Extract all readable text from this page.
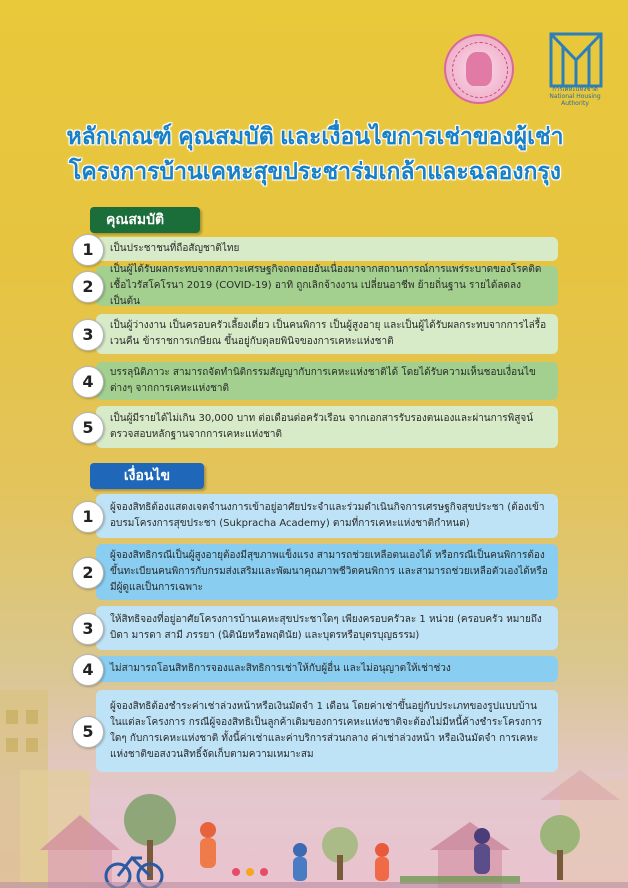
การเคหะแห่งชาติ
National Housing Authority
หลักเกณฑ์ คุณสมบัติ และเงื่อนไขการเช่าของผู้เช่า
โครงการบ้านเคหะสุขประชาร่มเกล้าและฉลองกรุง
คุณสมบัติ
1	เป็นประชาชนที่ถือสัญชาติไทย
2
เป็นผู้ได้รับผลกระทบจากสภาวะเศรษฐกิจถดถอยอันเนื่องมาจากสถานการณ์การแพร่ระบาดของโรคติดเชื้อไวรัสโคโรนา 2019 (COVID-19) อาทิ ถูกเลิกจ้างงาน เปลี่ยนอาชีพ ย้ายถิ่นฐาน รายได้ลดลง เป็นต้น
3	เป็นผู้ว่างงาน เป็นครอบครัวเลี้ยงเดี่ยว เป็นคนพิการ เป็นผู้สูงอายุ และเป็นผู้ได้รับผลกระทบจากการไล่รื้อเวนคืน ข้าราชการเกษียณ ขึ้นอยู่กับดุลยพินิจของการเคหะแห่งชาติ
4	บรรลุนิติภาวะ สามารถจัดทำนิติกรรมสัญญากับการเคหะแห่งชาติได้ โดยได้รับความเห็นชอบเงื่อนไขต่างๆ จากการเคหะแห่งชาติ
5	เป็นผู้มีรายได้ไม่เกิน 30,000 บาท ต่อเดือนต่อครัวเรือน จากเอกสารรับรองตนเองและผ่านการพิสูจน์ตรวจสอบหลักฐานจากการเคหะแห่งชาติ
เงื่อนไข
1	ผู้จองสิทธิต้องแสดงเจตจำนงการเข้าอยู่อาศัยประจำและร่วมดำเนินกิจการเศรษฐกิจสุขประชา (ต้องเข้าอบรมโครงการสุขประชา (Sukpracha Academy) ตามที่การเคหะแห่งชาติกำหนด)
2
ผู้จองสิทธิกรณีเป็นผู้สูงอายุต้องมีสุขภาพแข็งแรง สามารถช่วยเหลือตนเองได้ หรือกรณีเป็นคนพิการต้องขึ้นทะเบียนคนพิการกับกรมส่งเสริมและพัฒนาคุณภาพชีวิตคนพิการ และสามารถช่วยเหลือตัวเองได้หรือมีผู้ดูแลเป็นการเฉพาะ
3	ให้สิทธิจองที่อยู่อาศัยโครงการบ้านเคหะสุขประชาใดๆ เพียงครอบครัวละ 1 หน่วย (ครอบครัว หมายถึง บิดา มารดา สามี ภรรยา (นิตินัยหรือพฤตินัย) และบุตรหรือบุตรบุญธรรม)
4	ไม่สามารถโอนสิทธิการจองและสิทธิการเช่าให้กับผู้อื่น และไม่อนุญาตให้เช่าช่วง
5
ผู้จองสิทธิต้องชำระค่าเช่าล่วงหน้าหรือเงินมัดจำ 1 เดือน โดยค่าเช่าขึ้นอยู่กับประเภทของรูปแบบบ้านในแต่ละโครงการ กรณีผู้จองสิทธิเป็นลูกค้าเดิมของการเคหะแห่งชาติจะต้องไม่มีหนี้ค้างชำระโครงการใดๆ กับการเคหะแห่งชาติ ทั้งนี้ค่าเช่าและค่าบริการส่วนกลาง ค่าเช่าล่วงหน้า หรือเงินมัดจำ การเคหะแห่งชาติขอสงวนสิทธิ์จัดเก็บตามความเหมาะสม
